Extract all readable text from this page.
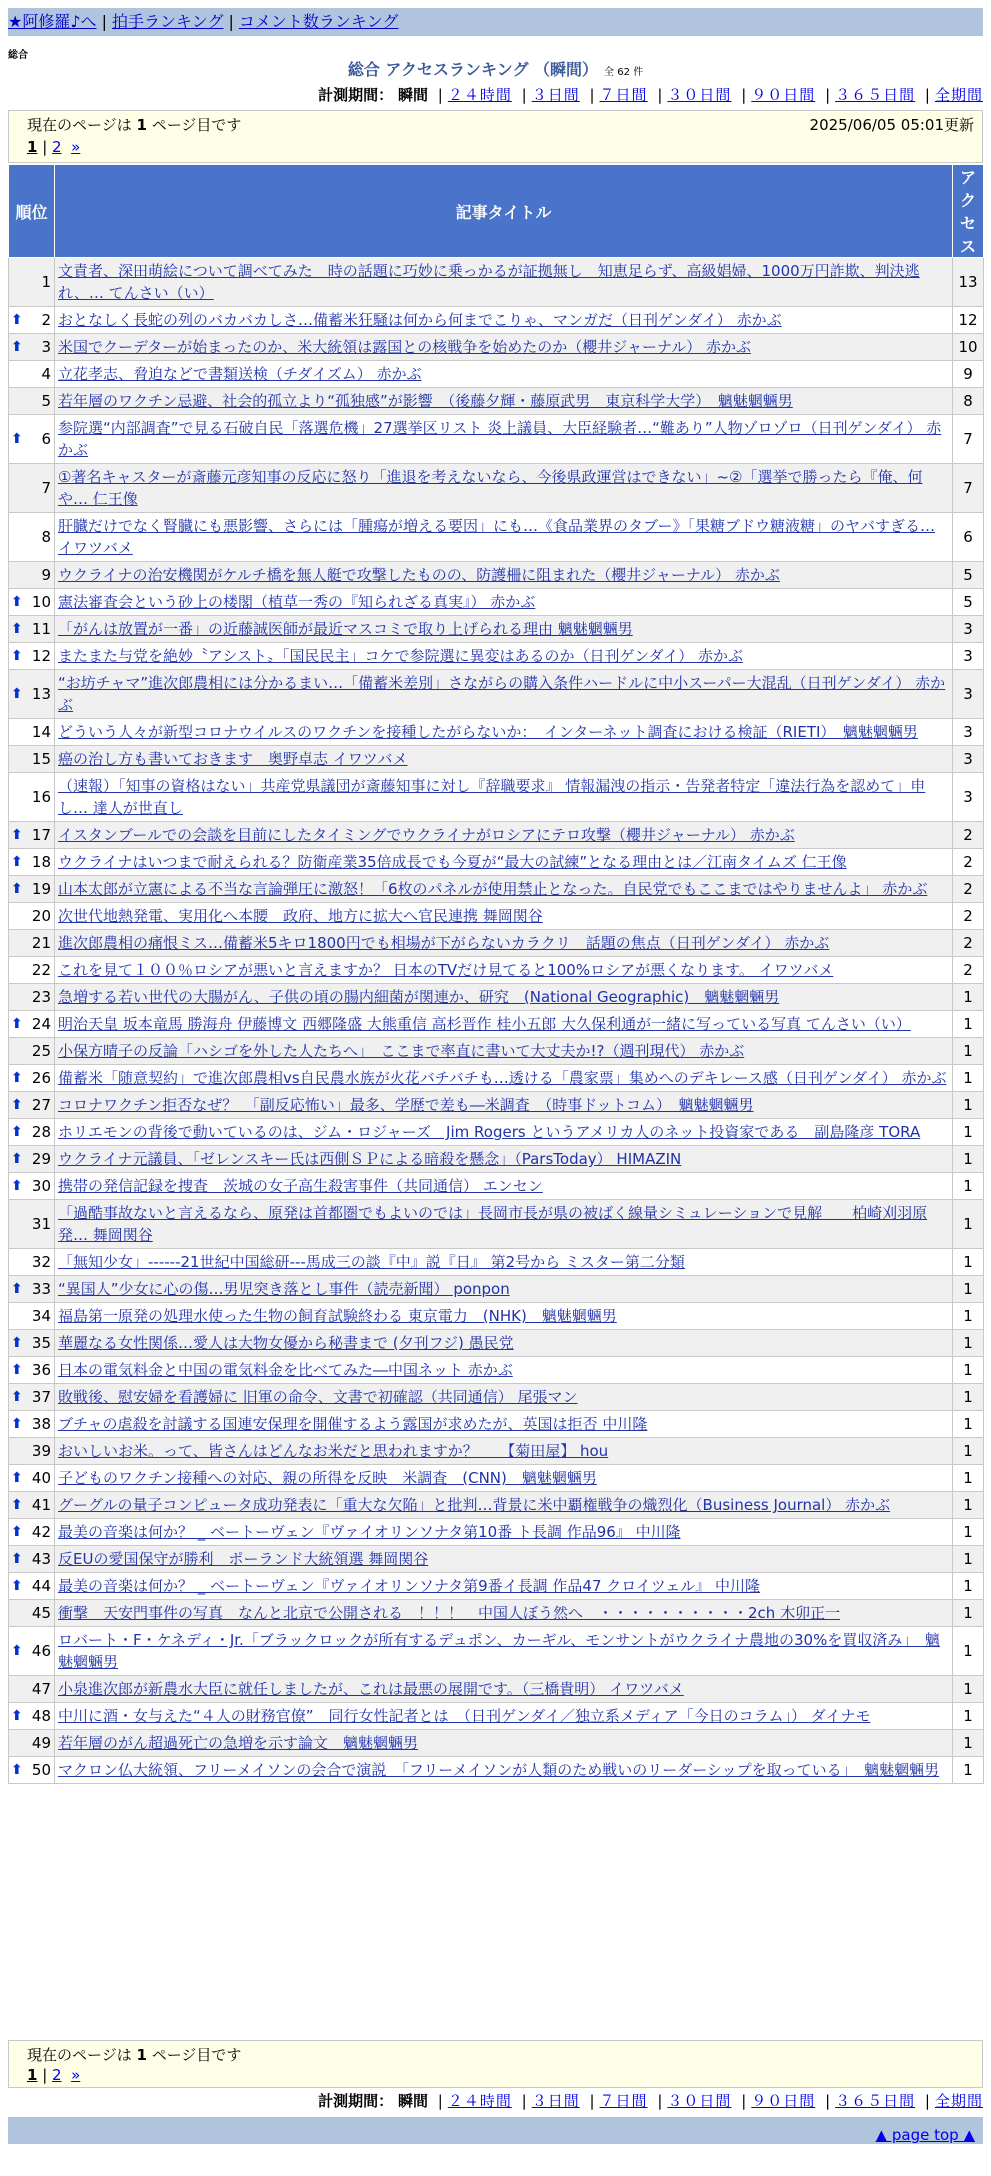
★阿修羅♪へ | 拍手ランキング | コメント数ランキング
総合
総合 アクセスランキング （瞬間） 全 62 件
計測期間： 瞬間 | ２４時間 | ３日間 | ７日間 | ３０日間 | ９０日間 | ３６５日間 | 全期間
現在のページは 1 ページ目です	2025/06/05 05:01更新
1 | 2 »
順位	記事タイトル	アクセス
1	文責者、深田萌絵について調べてみた　時の話題に巧妙に乗っかるが証拠無し　知恵足らず、高級娼婦、1000万円詐欺、判決逃れ、… てんさい（い）	13

⬆ 2	おとなしく長蛇の列のバカバカしさ…備蓄米狂騒は何から何までこりゃ、マンガだ（日刊ゲンダイ） 赤かぶ	12

⬆ 3	米国でクーデターが始まったのか、米大統領は露国との核戦争を始めたのか（櫻井ジャーナル） 赤かぶ	10
4	立花孝志、脅迫などで書類送検（チダイズム） 赤かぶ	9
5	若年層のワクチン忌避、社会的孤立より“孤独感”が影響　（後藤夕輝・藤原武男　東京科学大学）　魑魅魍魎男	8

⬆ 6	参院選“内部調査”で見る石破自民「落選危機」27選挙区リスト 炎上議員、大臣経験者…“難あり”人物ゾロゾロ（日刊ゲンダイ） 赤かぶ	7
7	①著名キャスターが斎藤元彦知事の反応に怒り「進退を考えないなら、今後県政運営はできない」~②「選挙で勝ったら『俺、何や… 仁王像	7
8	肝臓だけでなく腎臓にも悪影響、さらには「腫瘍が増える要因」にも…《食品業界のタブー》「果糖ブドウ糖液糖」のヤバすぎる… イワツバメ	6
9	ウクライナの治安機関がケルチ橋を無人艇で攻撃したものの、防護柵に阻まれた（櫻井ジャーナル） 赤かぶ	5

⬆ 10	憲法審査会という砂上の楼閣（植草一秀の『知られざる真実』） 赤かぶ	5

⬆ 11	「がんは放置が一番」の近藤誠医師が最近マスコミで取り上げられる理由 魑魅魍魎男	3

⬆ 12	またまた与党を絶妙〝アシスト〟「国民民主」コケで参院選に異変はあるのか（日刊ゲンダイ） 赤かぶ	3

⬆ 13	“お坊チャマ”進次郎農相には分かるまい…「備蓄米差別」さながらの購入条件ハードルに中小スーパー大混乱（日刊ゲンダイ） 赤かぶ	3
14	どういう人々が新型コロナウイルスのワクチンを接種したがらないか：　インターネット調査における検証（RIETI）　魑魅魍魎男	3
15	癌の治し方も書いておきます　奥野卓志 イワツバメ	3
16	（速報）「知事の資格はない」共産党県議団が斎藤知事に対し『辞職要求』 情報漏洩の指示・告発者特定「違法行為を認めて」申し… 達人が世直し	3

⬆ 17	イスタンブールでの会談を目前にしたタイミングでウクライナがロシアにテロ攻撃（櫻井ジャーナル） 赤かぶ	2

⬆ 18	ウクライナはいつまで耐えられる？防衛産業35倍成長でも今夏が“最大の試練”となる理由とは／江南タイムズ 仁王像	2

⬆ 19	山本太郎が立憲による不当な言論弾圧に激怒！「6枚のパネルが使用禁止となった。自民党でもここまではやりませんよ」 赤かぶ	2
20	次世代地熱発電、実用化へ本腰　政府、地方に拡大へ官民連携 舞岡関谷	2
21	進次郎農相の痛恨ミス…備蓄米5キロ1800円でも相場が下がらないカラクリ　話題の焦点（日刊ゲンダイ） 赤かぶ	2
22	これを見て１００％ロシアが悪いと言えますか？ 日本のTVだけ見てると100%ロシアが悪くなります。 イワツバメ	2
23	急増する若い世代の大腸がん、子供の頃の腸内細菌が関連か、研究　(National Geographic)　魑魅魍魎男	1

⬆ 24	明治天皇 坂本竜馬 勝海舟 伊藤博文 西郷隆盛 大熊重信 高杉晋作 桂小五郎 大久保利通が一緒に写っている写真 てんさい（い）	1
25	小保方晴子の反論「ハシゴを外した人たちへ」　ここまで率直に書いて大丈夫か!?（週刊現代） 赤かぶ	1

⬆ 26	備蓄米「随意契約」で進次郎農相vs自民農水族が火花バチバチも…透ける「農家票」集めへのデキレース感（日刊ゲンダイ） 赤かぶ	1

⬆ 27	コロナワクチン拒否なぜ？　「副反応怖い」最多、学歴で差も―米調査　（時事ドットコム）　魑魅魍魎男	1

⬆ 28	ホリエモンの背後で動いているのは、ジム・ロジャーズ　Jim Rogers というアメリカ人のネット投資家である　副島隆彦 TORA	1

⬆ 29	ウクライナ元議員、「ゼレンスキー氏は西側ＳＰによる暗殺を懸念」（ParsToday） HIMAZIN	1

⬆ 30	携帯の発信記録を捜査　茨城の女子高生殺害事件（共同通信） エンセン	1
31	「過酷事故ないと言えるなら、原発は首都圏でもよいのでは」長岡市長が県の被ばく線量シミュレーションで見解　　柏崎刈羽原発… 舞岡関谷	1
32	「無知少女」------21世紀中国総研---馬成三の談『中』説『日』 第2号から ミスター第二分類	1

⬆ 33	“異国人”少女に心の傷…男児突き落とし事件（読売新聞） ponpon	1
34	福島第一原発の処理水使った生物の飼育試験終わる 東京電力　(NHK)　魑魅魍魎男	1

⬆ 35	華麗なる女性関係…愛人は大物女優から秘書まで (夕刊フジ) 愚民党	1

⬆ 36	日本の電気料金と中国の電気料金を比べてみた―中国ネット 赤かぶ	1

⬆ 37	敗戦後、慰安婦を看護婦に 旧軍の命令、文書で初確認（共同通信） 尾張マン	1

⬆ 38	ブチャの虐殺を討議する国連安保理を開催するよう露国が求めたが、英国は拒否 中川隆	1
39	おいしいお米。って、皆さんはどんなお米だと思われますか？　　【菊田屋】 hou	1

⬆ 40	子どものワクチン接種への対応、親の所得を反映　米調査　(CNN)　魑魅魍魎男	1

⬆ 41	グーグルの量子コンピュータ成功発表に「重大な欠陥」と批判…背景に米中覇権戦争の熾烈化（Business Journal） 赤かぶ	1

⬆ 42	最美の音楽は何か？ _ ベートーヴェン『ヴァイオリンソナタ第10番 ト長調 作品96』 中川隆	1

⬆ 43	反EUの愛国保守が勝利　ポーランド大統領選 舞岡関谷	1

⬆ 44	最美の音楽は何か？ _ ベートーヴェン『ヴァイオリンソナタ第9番イ長調 作品47 クロイツェル』 中川隆	1
45	衝撃　天安門事件の写真　なんと北京で公開される　！！！　中国人ぼう然へ　・・・・・・・・・・2ch 木卯正一	1

⬆ 46	ロバート・F・ケネディ・Jr.「ブラックロックが所有するデュポン、カーギル、モンサントがウクライナ農地の30%を買収済み」　魑魅魍魎男	1
47	小泉進次郎が新農水大臣に就任しましたが、これは最悪の展開です。（三橋貴明） イワツバメ	1

⬆ 48	中川に酒・女与えた“４人の財務官僚”　同行女性記者とは　（日刊ゲンダイ／独立系メディア「今日のコラム」） ダイナモ	1
49	若年層のがん超過死亡の急増を示す論文　魑魅魍魎男	1

⬆ 50	マクロン仏大統領、フリーメイソンの会合で演説　「フリーメイソンが人類のため戦いのリーダーシップを取っている」　魑魅魍魎男	1
現在のページは 1 ページ目です
1 | 2 »
計測期間： 瞬間 | ２４時間 | ３日間 | ７日間 | ３０日間 | ９０日間 | ３６５日間 | 全期間
▲ page top ▲
